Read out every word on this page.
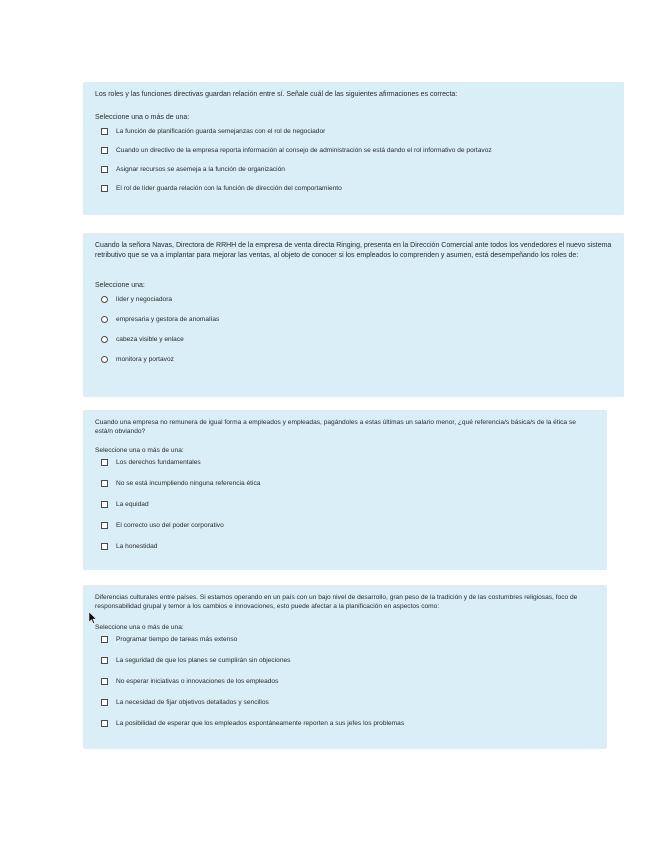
Los roles y las funciones directivas guardan relación entre sí. Señale cuál de las siguientes afirmaciones es correcta:

Seleccione una o más de una:

La función de planificación guarda semejanzas con el rol de negociador
Cuando un directivo de la empresa reporta información al consejo de administración se está dando el rol informativo de portavoz
Asignar recursos se asemeja a la función de organización
El rol de líder guarda relación con la función de dirección del comportamiento

Cuando la señora Navas, Directora de RRHH de la empresa de venta directa Ringing, presenta en la Dirección Comercial ante todos los vendedores el nuevo sistema retributivo que se va a implantar para mejorar las ventas, al objeto de conocer si los empleados lo comprenden y asumen, está desempeñando los roles de:

Seleccione una:

líder y negociadora
empresaria y gestora de anomalías
cabeza visible y enlace
monitora y portavoz

Cuando una empresa no remunera de igual forma a empleados y empleadas, pagándoles a estas últimas un salario menor, ¿qué referencia/s básica/s de la ética se está/n obviando?

Seleccione una o más de una:

Los derechos fundamentales
No se está incumpliendo ninguna referencia ética
La equidad
El correcto uso del poder corporativo
La honestidad

Diferencias culturales entre países. Si estamos operando en un país con un bajo nivel de desarrollo, gran peso de la tradición y de las costumbres religiosas, foco de responsabilidad grupal y temor a los cambios e innovaciones, esto puede afectar a la planificación en aspectos como:

Seleccione una o más de una:

Programar tiempo de tareas más extenso
La seguridad de que los planes se cumplirán sin objeciones
No esperar iniciativas o innovaciones de los empleados
La necesidad de fijar objetivos detallados y sencillos
La posibilidad de esperar que los empleados espontáneamente reporten a sus jefes los problemas
